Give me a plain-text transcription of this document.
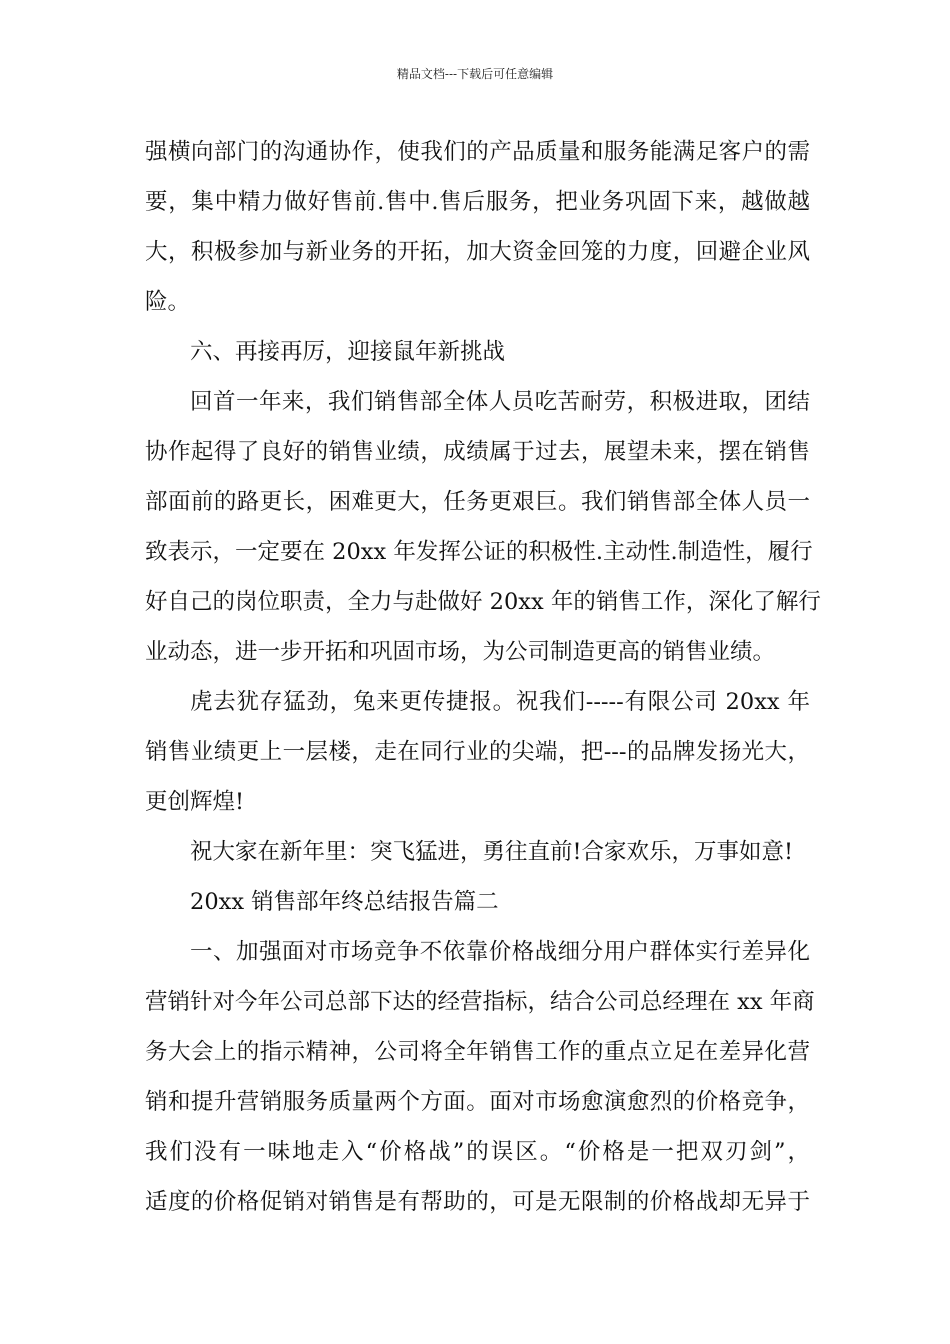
精品文档---下载后可任意编辑
强横向部门的沟通协作，使我们的产品质量和服务能满足客户的需
要，集中精力做好售前.售中.售后服务，把业务巩固下来，越做越
大，积极参加与新业务的开拓，加大资金回笼的力度，回避企业风
险。
六、再接再厉，迎接鼠年新挑战
回首一年来，我们销售部全体人员吃苦耐劳，积极进取，团结
协作起得了良好的销售业绩，成绩属于过去，展望未来，摆在销售
部面前的路更长，困难更大，任务更艰巨。我们销售部全体人员一
致表示，一定要在 20xx 年发挥公证的积极性.主动性.制造性，履行
好自己的岗位职责，全力与赴做好 20xx 年的销售工作，深化了解行
业动态，进一步开拓和巩固市场，为公司制造更高的销售业绩。
虎去犹存猛劲，兔来更传捷报。祝我们-----有限公司 20xx 年
销售业绩更上一层楼，走在同行业的尖端，把---的品牌发扬光大，
更创辉煌!
祝大家在新年里：突飞猛进，勇往直前!合家欢乐，万事如意!
20xx 销售部年终总结报告篇二
一、加强面对市场竞争不依靠价格战细分用户群体实行差异化
营销针对今年公司总部下达的经营指标，结合公司总经理在 xx 年商
务大会上的指示精神，公司将全年销售工作的重点立足在差异化营
销和提升营销服务质量两个方面。面对市场愈演愈烈的价格竞争，
我们没有一味地走入“价格战”的误区。“价格是一把双刃剑”，
适度的价格促销对销售是有帮助的，可是无限制的价格战却无异于
